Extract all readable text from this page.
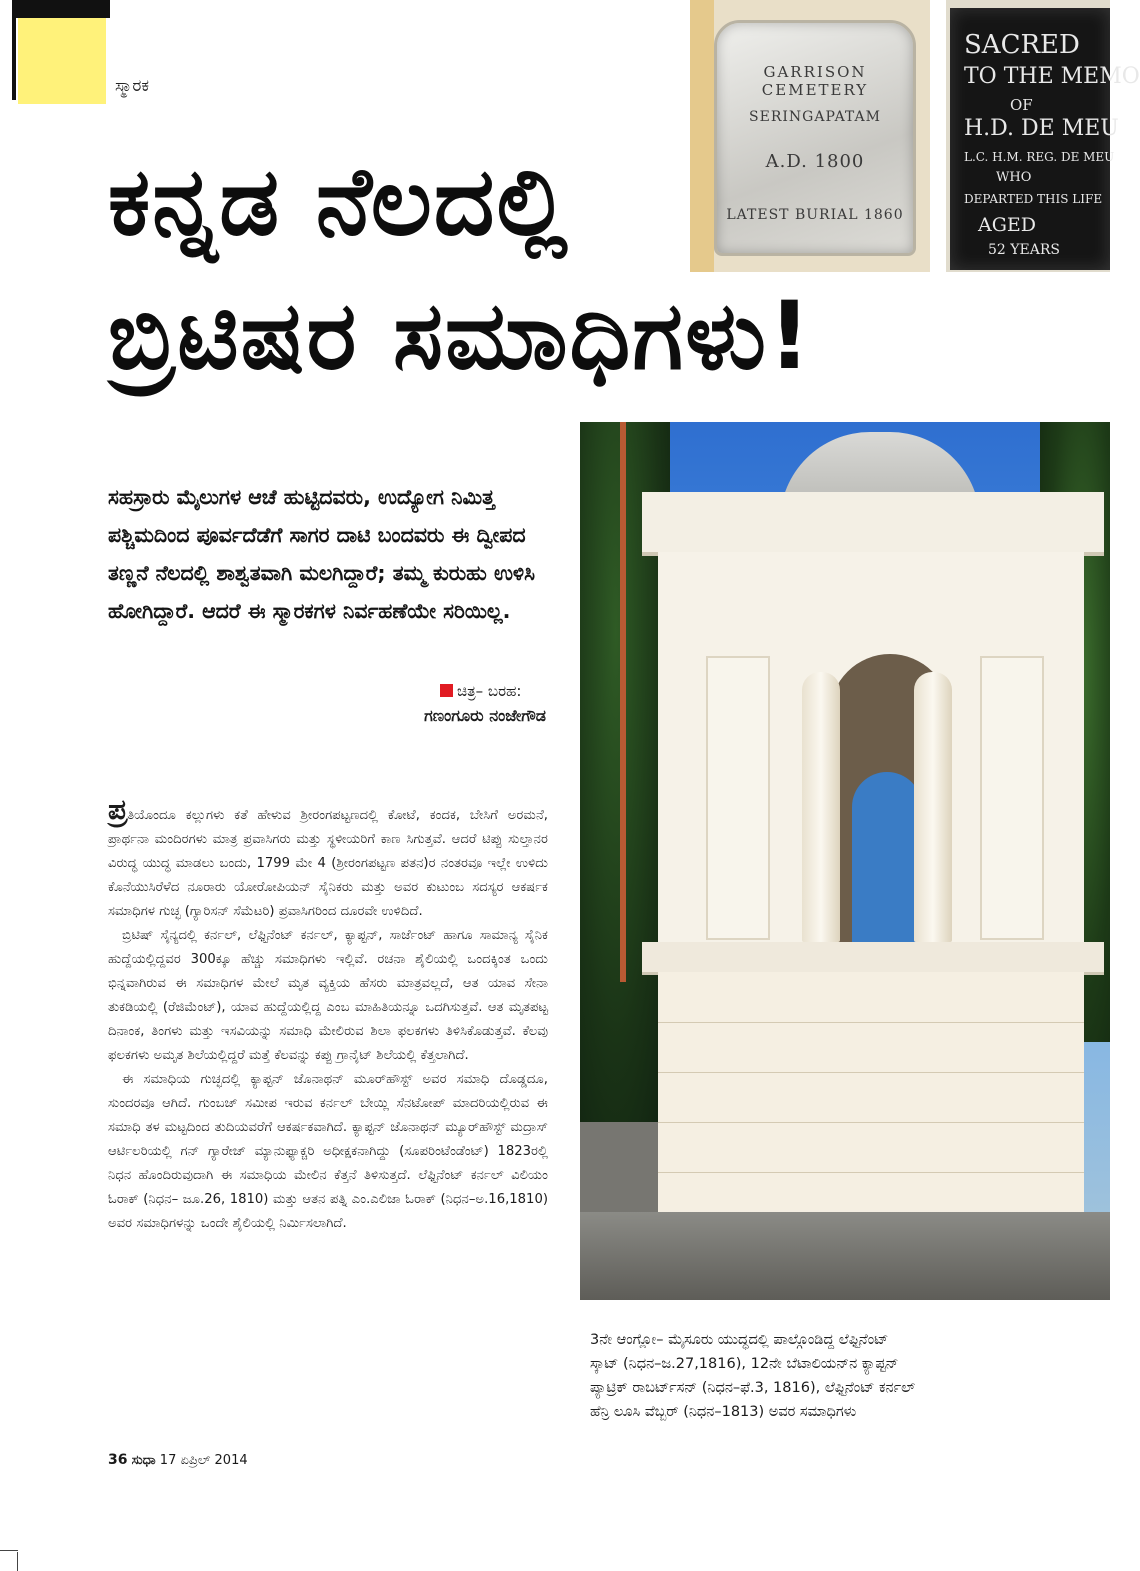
ಸ್ಮಾರಕ
ಕನ್ನಡ ನೆಲದಲ್ಲಿ
ಬ್ರಿಟಿಷರ ಸಮಾಧಿಗಳು!
GARRISON CEMETERY
SERINGAPATAM
A.D. 1800
LATEST BURIAL 1860
SACRED
TO THE MEMO
OF
H.D. DE MEU
L.C. H.M. REG. DE MEU
WHO
DEPARTED THIS LIFE
AGED
52 YEARS
ಸಹಸ್ರಾರು ಮೈಲುಗಳ ಆಚೆ ಹುಟ್ಟಿದವರು, ಉದ್ಯೋಗ ನಿಮಿತ್ತ ಪಶ್ಚಿಮದಿಂದ ಪೂರ್ವದೆಡೆಗೆ ಸಾಗರ ದಾಟಿ ಬಂದವರು ಈ ದ್ವೀಪದ ತಣ್ಣನೆ ನೆಲದಲ್ಲಿ ಶಾಶ್ವತವಾಗಿ ಮಲಗಿದ್ದಾರೆ; ತಮ್ಮ ಕುರುಹು ಉಳಿಸಿ ಹೋಗಿದ್ದಾರೆ. ಆದರೆ ಈ ಸ್ಮಾರಕಗಳ ನಿರ್ವಹಣೆಯೇ ಸರಿಯಿಲ್ಲ.
ಚಿತ್ರ– ಬರಹ:
ಗಣಂಗೂರು ನಂಜೇಗೌಡ

ಪ್ರತಿಯೊಂದೂ ಕಲ್ಲುಗಳು ಕತೆ ಹೇಳುವ ಶ್ರೀರಂಗಪಟ್ಟಣದಲ್ಲಿ ಕೋಟೆ, ಕಂದಕ, ಬೇಸಿಗೆ ಅರಮನೆ, ಪ್ರಾರ್ಥನಾ ಮಂದಿರಗಳು ಮಾತ್ರ ಪ್ರವಾಸಿಗರು ಮತ್ತು ಸ್ಥಳೀಯರಿಗೆ ಕಾಣ ಸಿಗುತ್ತವೆ. ಆದರೆ ಟಿಪ್ಪು ಸುಲ್ತಾನರ ವಿರುದ್ಧ ಯುದ್ಧ ಮಾಡಲು ಬಂದು, 1799 ಮೇ 4 (ಶ್ರೀರಂಗಪಟ್ಟಣ ಪತನ)ರ ನಂತರವೂ ಇಲ್ಲೇ ಉಳಿದು ಕೊನೆಯುಸಿರೆಳೆದ ನೂರಾರು ಯೋರೋಪಿಯನ್ ಸೈನಿಕರು ಮತ್ತು ಅವರ ಕುಟುಂಬ ಸದಸ್ಯರ ಆಕರ್ಷಕ ಸಮಾಧಿಗಳ ಗುಚ್ಛ (ಗ್ಯಾರಿಸನ್ ಸೆಮೆಟರಿ) ಪ್ರವಾಸಿಗರಿಂದ ದೂರವೇ ಉಳಿದಿದೆ.

ಬ್ರಿಟಿಷ್ ಸೈನ್ಯದಲ್ಲಿ ಕರ್ನಲ್, ಲೆಫ್ಟಿನೆಂಟ್ ಕರ್ನಲ್, ಕ್ಯಾಪ್ಟನ್, ಸಾರ್ಜೆಂಟ್ ಹಾಗೂ ಸಾಮಾನ್ಯ ಸೈನಿಕ ಹುದ್ದೆಯಲ್ಲಿದ್ದವರ 300ಕ್ಕೂ ಹೆಚ್ಚು ಸಮಾಧಿಗಳು ಇಲ್ಲಿವೆ. ರಚನಾ ಶೈಲಿಯಲ್ಲಿ ಒಂದಕ್ಕಿಂತ ಒಂದು ಭಿನ್ನವಾಗಿರುವ ಈ ಸಮಾಧಿಗಳ ಮೇಲೆ ಮೃತ ವ್ಯಕ್ತಿಯ ಹೆಸರು ಮಾತ್ರವಲ್ಲದೆ, ಆತ ಯಾವ ಸೇನಾ ತುಕಡಿಯಲ್ಲಿ (ರೆಜಿಮೆಂಟ್), ಯಾವ ಹುದ್ದೆಯಲ್ಲಿದ್ದ ಎಂಬ ಮಾಹಿತಿಯನ್ನೂ ಒದಗಿಸುತ್ತವೆ. ಆತ ಮೃತಪಟ್ಟ ದಿನಾಂಕ, ತಿಂಗಳು ಮತ್ತು ಇಸವಿಯನ್ನು ಸಮಾಧಿ ಮೇಲಿರುವ ಶಿಲಾ ಫಲಕಗಳು ತಿಳಿಸಿಕೊಡುತ್ತವೆ. ಕೆಲವು ಫಲಕಗಳು ಅಮೃತ ಶಿಲೆಯಲ್ಲಿದ್ದರೆ ಮತ್ತೆ ಕೆಲವನ್ನು ಕಪ್ಪು ಗ್ರಾನೈಟ್ ಶಿಲೆಯಲ್ಲಿ ಕೆತ್ತಲಾಗಿದೆ.

ಈ ಸಮಾಧಿಯ ಗುಚ್ಛದಲ್ಲಿ ಕ್ಯಾಪ್ಟನ್ ಜೊನಾಥನ್ ಮೂರ್‌ಹೌಸ್ಟ್ ಅವರ ಸಮಾಧಿ ದೊಡ್ಡದೂ, ಸುಂದರವೂ ಆಗಿದೆ. ಗುಂಬಜ್ ಸಮೀಪ ಇರುವ ಕರ್ನಲ್ ಬೇಯ್ಲಿ ಸೆನಟೋಪ್ ಮಾದರಿಯಲ್ಲಿರುವ ಈ ಸಮಾಧಿ ತಳ ಮಟ್ಟದಿಂದ ತುದಿಯವರೆಗೆ ಆಕರ್ಷಕವಾಗಿದೆ. ಕ್ಯಾಪ್ಟನ್ ಜೊನಾಥನ್ ಮ್ಯೂರ್‌ಹೌಸ್ಟ್ ಮದ್ರಾಸ್ ಆರ್ಟಿಲರಿಯಲ್ಲಿ ಗನ್ ಗ್ಯಾರೇಜ್ ಮ್ಯಾನುಫ್ಯಾಕ್ಚರಿ ಅಧೀಕ್ಷಕನಾಗಿದ್ದು (ಸೂಪರಿಂಟೆಂಡೆಂಟ್) 1823ರಲ್ಲಿ ನಿಧನ ಹೊಂದಿರುವುದಾಗಿ ಈ ಸಮಾಧಿಯ ಮೇಲಿನ ಕೆತ್ತನೆ ತಿಳಿಸುತ್ತದೆ. ಲೆಫ್ಟಿನೆಂಟ್ ಕರ್ನಲ್ ವಿಲಿಯಂ ಓರಾಕ್ (ನಿಧನ– ಜೂ.26, 1810) ಮತ್ತು ಆತನ ಪತ್ನಿ ಎಂ.ಎಲಿಜಾ ಓರಾಕ್ (ನಿಧನ–ಅ.16,1810) ಅವರ ಸಮಾಧಿಗಳನ್ನು ಒಂದೇ ಶೈಲಿಯಲ್ಲಿ ನಿರ್ಮಿಸಲಾಗಿದೆ.

3ನೇ ಆಂಗ್ಲೋ– ಮೈಸೂರು ಯುದ್ಧದಲ್ಲಿ ಪಾಲ್ಗೊಂಡಿದ್ದ ಲೆಫ್ಟಿನೆಂಟ್
ಸ್ಕಾಟ್ (ನಿಧನ–ಜ.27,1816), 12ನೇ ಬೆಟಾಲಿಯನ್‌ನ ಕ್ಯಾಪ್ಟನ್
ಪ್ಯಾಟ್ರಿಕ್ ರಾಬರ್ಟ್‌ಸನ್ (ನಿಧನ–ಫೆ.3, 1816), ಲೆಫ್ಟಿನೆಂಟ್ ಕರ್ನಲ್
ಹೆನ್ರಿ ಲೂಸಿ ವೆಬ್ಬರ್ (ನಿಧನ–1813) ಅವರ ಸಮಾಧಿಗಳು
36 ಸುಧಾ 17 ಏಪ್ರಿಲ್ 2014
